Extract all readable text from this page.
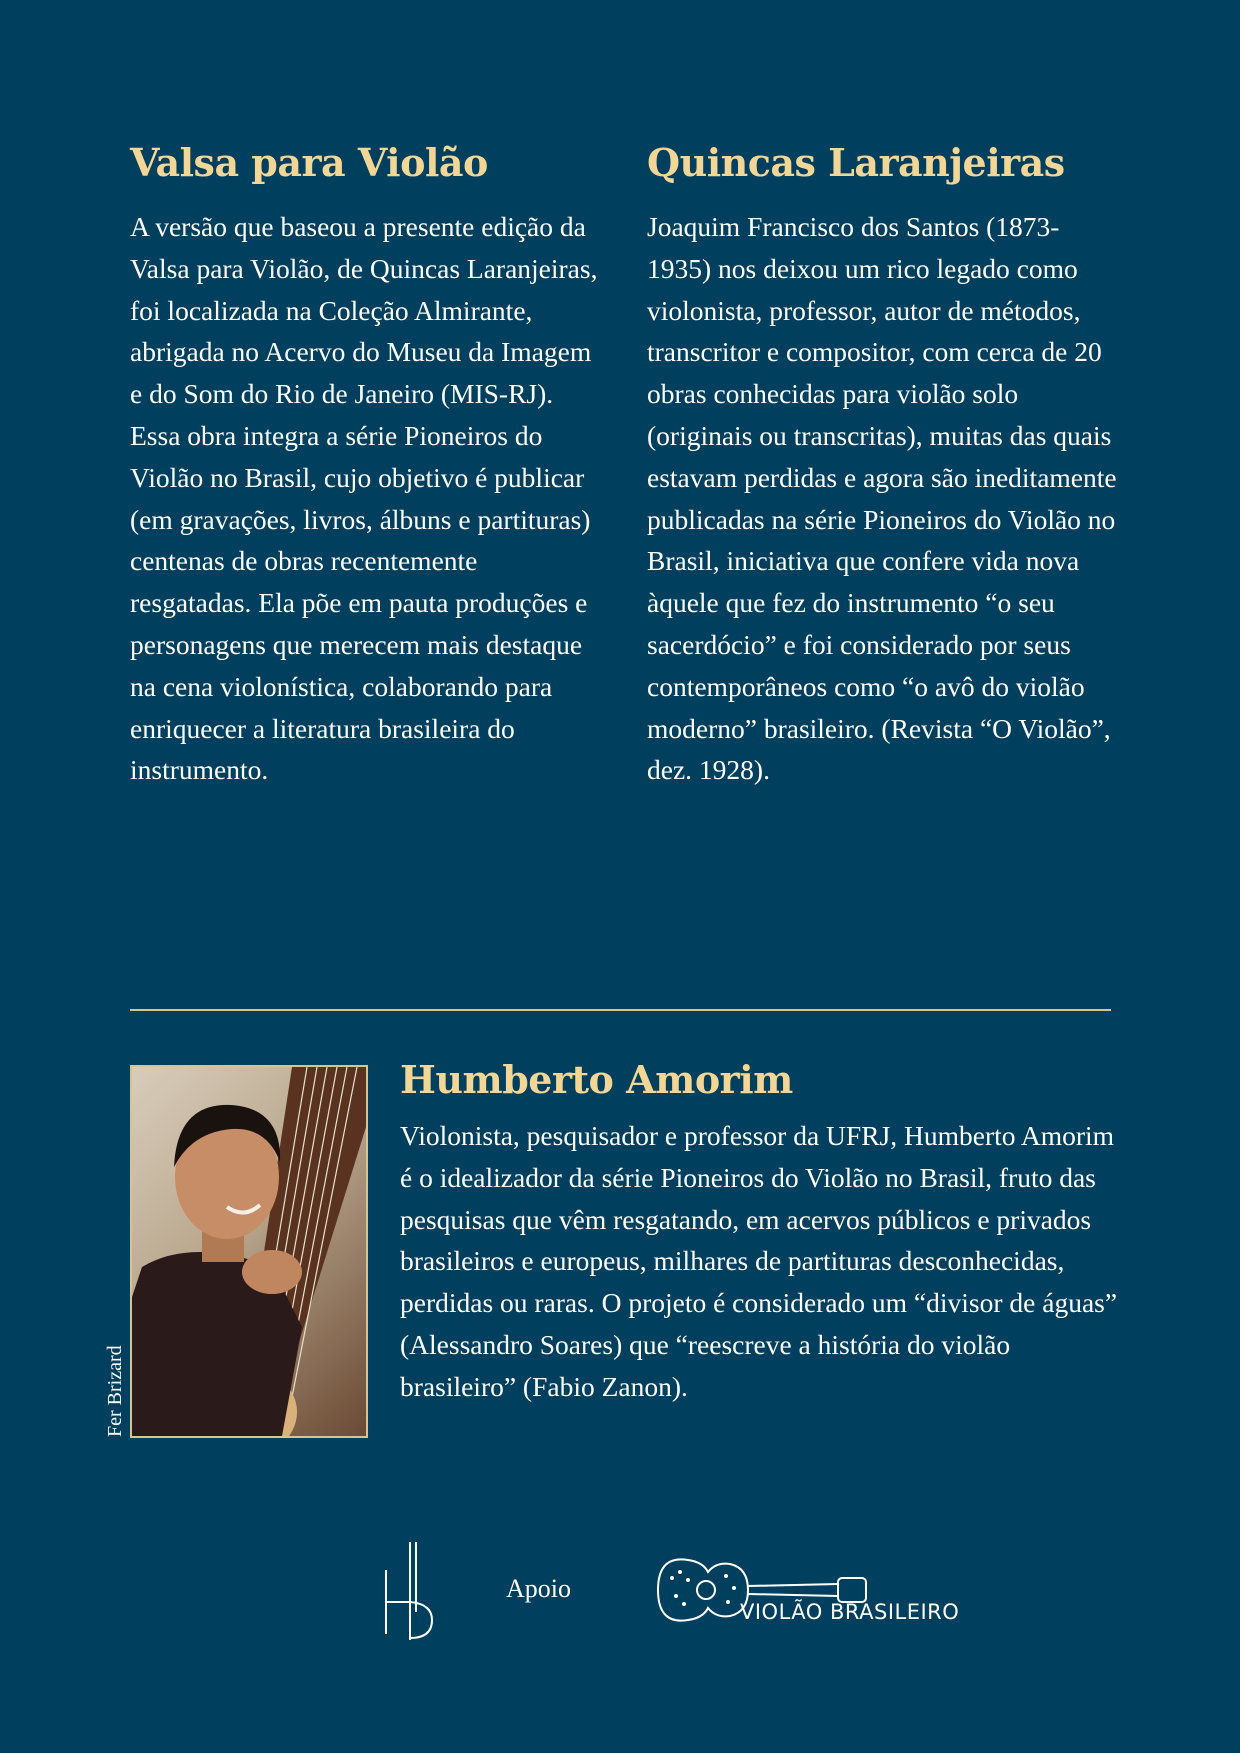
Valsa para Violão

A versão que baseou a presente edição da Valsa para Violão, de Quincas Laranjeiras, foi localizada na Coleção Almirante, abrigada no Acervo do Museu da Imagem e do Som do Rio de Janeiro (MIS-RJ). Essa obra integra a série Pioneiros do Violão no Brasil, cujo objetivo é publicar (em gravações, livros, álbuns e partituras) centenas de obras recentemente resgatadas. Ela põe em pauta produções e personagens que merecem mais destaque na cena violonística, colaborando para enriquecer a literatura brasileira do instrumento.

Quincas Laranjeiras

Joaquim Francisco dos Santos (1873-1935) nos deixou um rico legado como violonista, professor, autor de métodos, transcritor e compositor, com cerca de 20 obras conhecidas para violão solo (originais ou transcritas), muitas das quais estavam perdidas e agora são ineditamente publicadas na série Pioneiros do Violão no Brasil, iniciativa que confere vida nova àquele que fez do instrumento “o seu sacerdócio” e foi considerado por seus contemporâneos como “o avô do violão moderno” brasileiro. (Revista “O Violão”, dez. 1928).

Fer Brizard
Humberto Amorim

Violonista, pesquisador e professor da UFRJ, Humberto Amorim é o idealizador da série Pioneiros do Violão no Brasil, fruto das pesquisas que vêm resgatando, em acervos públicos e privados brasileiros e europeus, milhares de partituras desconhecidas, perdidas ou raras. O projeto é considerado um “divisor de águas” (Alessandro Soares) que “reescreve a história do violão brasileiro” (Fabio Zanon).

Apoio
VIOLÃO BRASILEIRO
